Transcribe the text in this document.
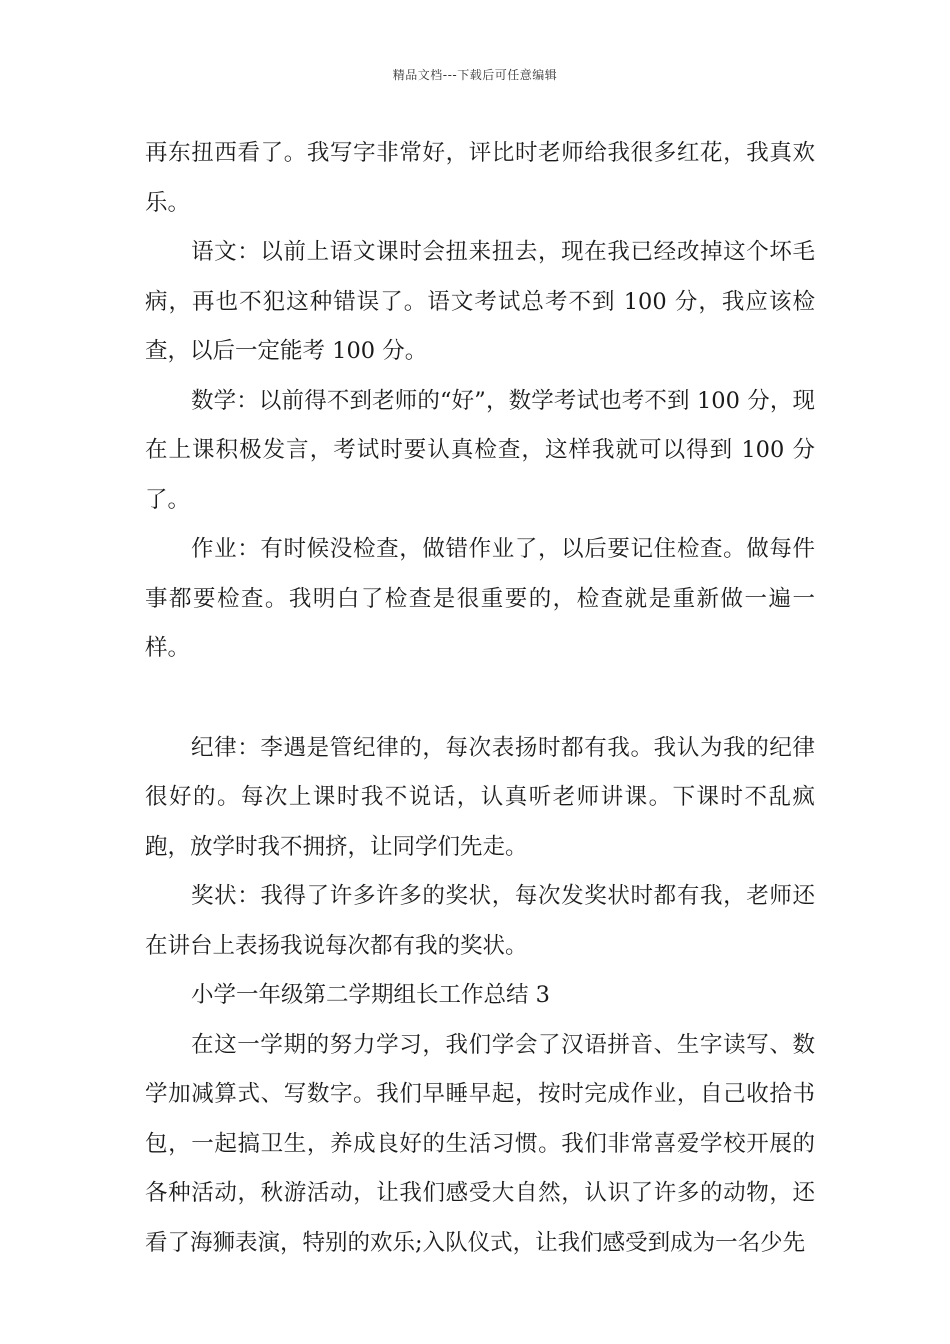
精品文档---下载后可任意编辑

再东扭西看了。我写字非常好，评比时老师给我很多红花，我真欢乐。

语文：以前上语文课时会扭来扭去，现在我已经改掉这个坏毛病，再也不犯这种错误了。语文考试总考不到 100 分，我应该检查，以后一定能考 100 分。

数学：以前得不到老师的“好”，数学考试也考不到 100 分，现在上课积极发言，考试时要认真检查，这样我就可以得到 100 分了。

作业：有时候没检查，做错作业了，以后要记住检查。做每件事都要检查。我明白了检查是很重要的，检查就是重新做一遍一样。

纪律：李遇是管纪律的，每次表扬时都有我。我认为我的纪律很好的。每次上课时我不说话，认真听老师讲课。下课时不乱疯跑，放学时我不拥挤，让同学们先走。

奖状：我得了许多许多的奖状，每次发奖状时都有我，老师还在讲台上表扬我说每次都有我的奖状。

小学一年级第二学期组长工作总结 3

在这一学期的努力学习，我们学会了汉语拼音、生字读写、数学加减算式、写数字。我们早睡早起，按时完成作业，自己收拾书包，一起搞卫生，养成良好的生活习惯。我们非常喜爱学校开展的各种活动，秋游活动，让我们感受大自然，认识了许多的动物，还看了海狮表演，特别的欢乐;入队仪式，让我们感受到成为一名少先
